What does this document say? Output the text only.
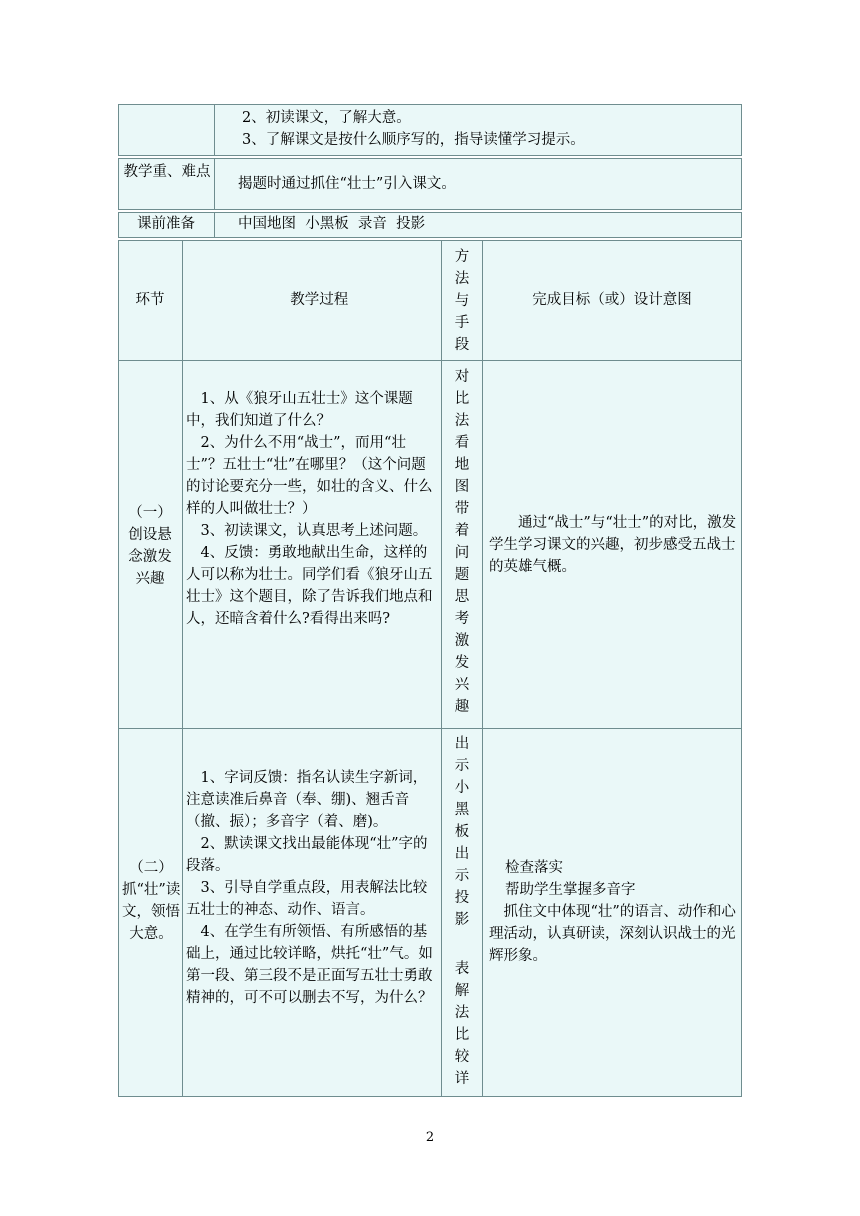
2、初读课文，了解大意。
3、了解课文是按什么顺序写的，指导读懂学习提示。
教学重、难点
揭题时通过抓住“壮士”引入课文。
课前准备	中国地图  小黑板  录音  投影
环节	教学过程
方法与手段
完成目标（或）设计意图
（一）创设悬念激发兴趣
1、从《狼牙山五壮士》这个课题中，我们知道了什么？
2、为什么不用“战士”，而用“壮士”？五壮士“壮”在哪里？（这个问题的讨论要充分一些，如壮的含义、什么样的人叫做壮士？）
3、初读课文，认真思考上述问题。
4、反馈：勇敢地献出生命，这样的人可以称为壮士。同学们看《狼牙山五壮士》这个题目，除了告诉我们地点和人，还暗含着什么?看得出来吗?
对比法看地图带着问题思考激发兴趣
通过“战士”与“壮士”的对比，激发学生学习课文的兴趣，初步感受五战士的英雄气概。
（二）抓“壮”读文，领悟大意。
1、字词反馈：指名认读生字新词，注意读准后鼻音（奉、绷)、翘舌音（撤、振）；多音字（着、磨)。
2、默读课文找出最能体现“壮”字的段落。
3、引导自学重点段，用表解法比较五壮士的神态、动作、语言。
4、在学生有所领悟、有所感悟的基础上，通过比较详略，烘托“壮”气。如第一段、第三段不是正面写五壮士勇敢精神的，可不可以删去不写，为什么？
出示小黑板出示投影
表解法比较详
检查落实
帮助学生掌握多音字
抓住文中体现“壮”的语言、动作和心理活动，认真研读，深刻认识战士的光辉形象。
2
